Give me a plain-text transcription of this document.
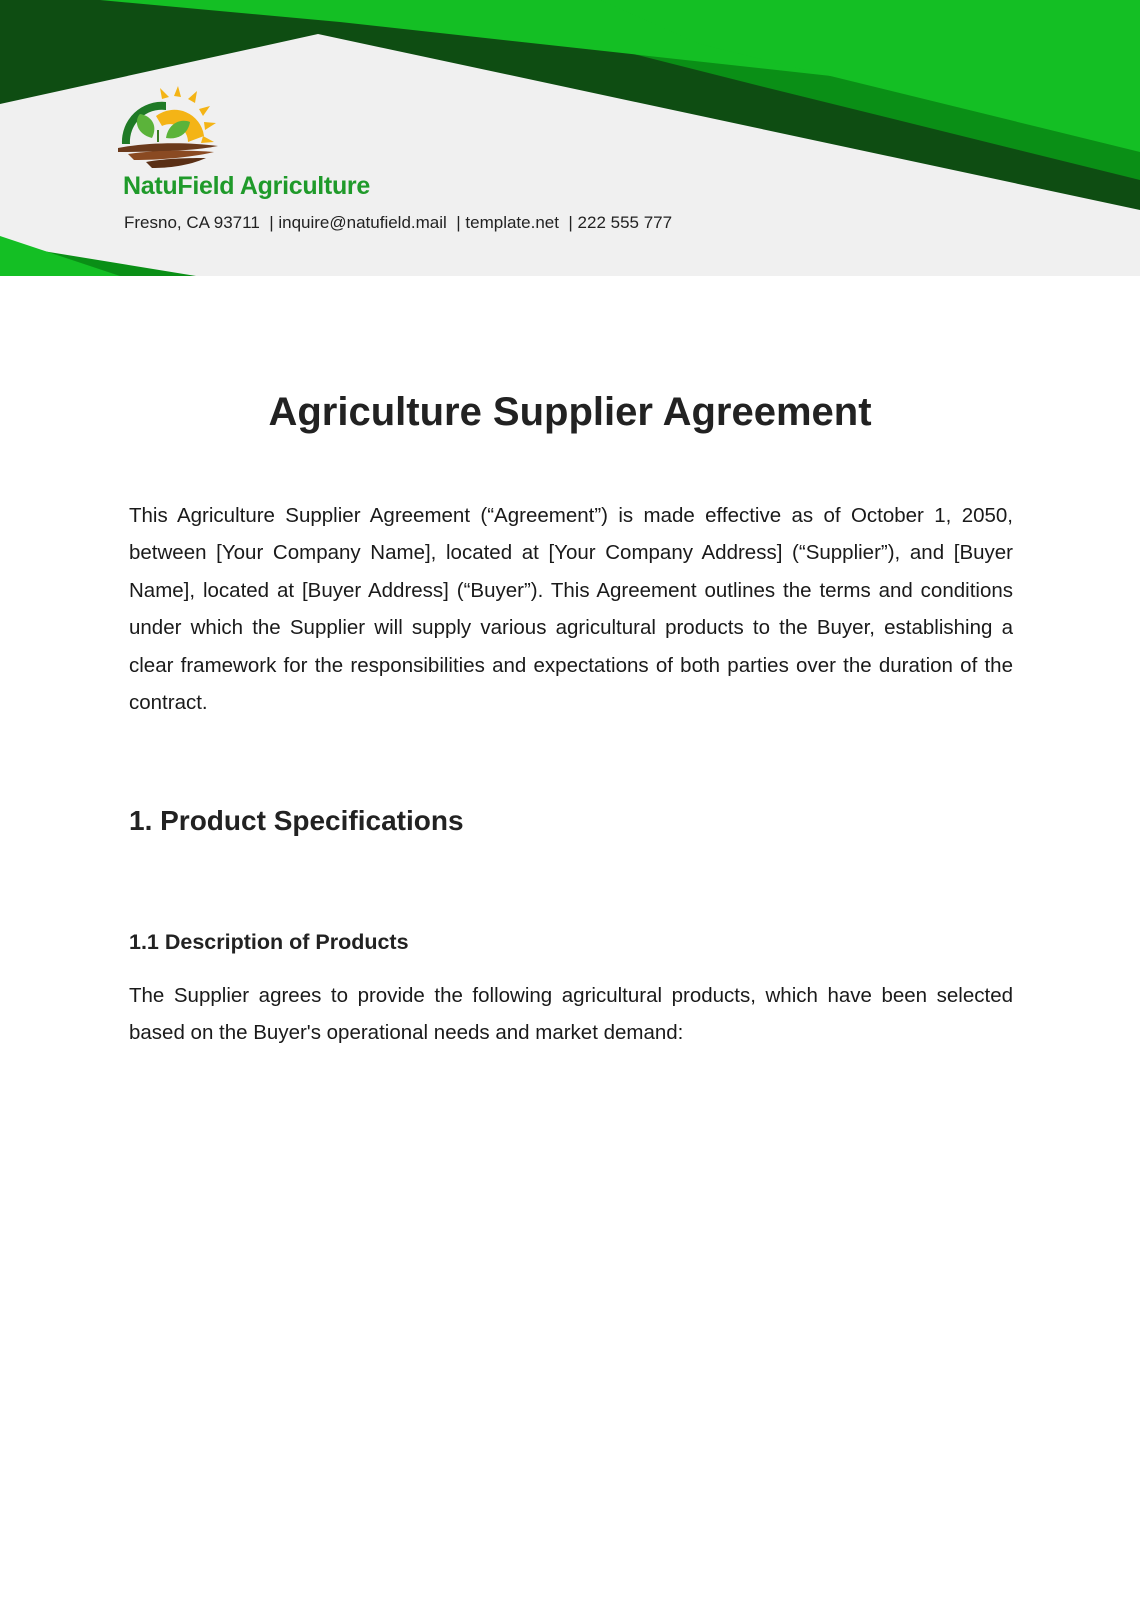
NatuField Agriculture
Fresno, CA 93711  | inquire@natufield.mail  | template.net  | 222 555 777
Agriculture Supplier Agreement

This Agriculture Supplier Agreement (“Agreement”) is made effective as of October 1, 2050, between [Your Company Name], located at [Your Company Address] (“Supplier”), and [Buyer Name], located at [Buyer Address] (“Buyer”). This Agreement outlines the terms and conditions under which the Supplier will supply various agricultural products to the Buyer, establishing a clear framework for the responsibilities and expectations of both parties over the duration of the contract.

1. Product Specifications
1.1 Description of Products

The Supplier agrees to provide the following agricultural products, which have been selected based on the Buyer's operational needs and market demand:
